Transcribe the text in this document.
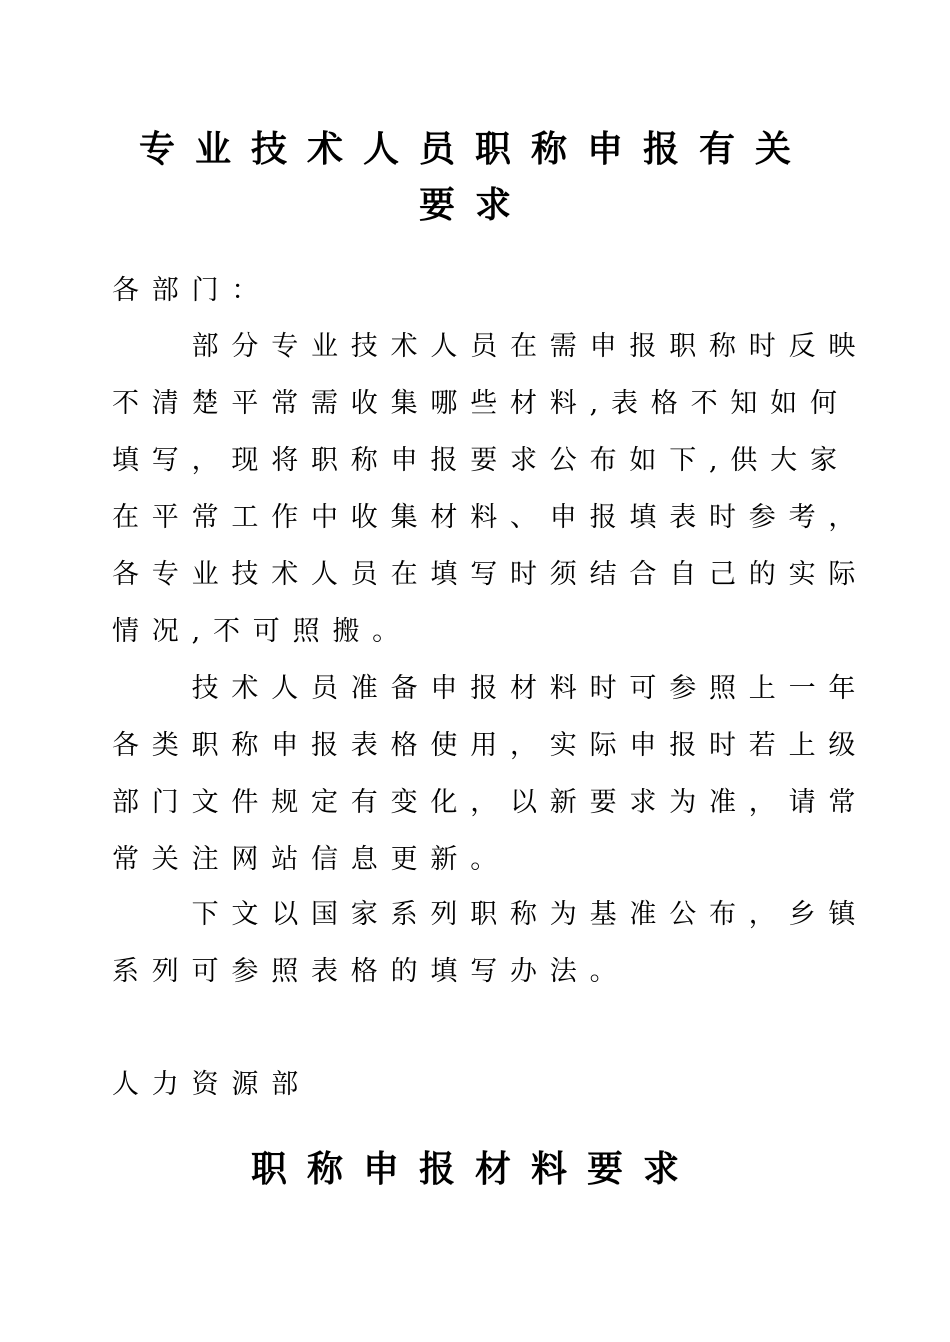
专业技术人员职称申报有关
要求

各部门：

　　部分专业技术人员在需申报职称时反映
不清楚平常需收集哪些材料,表格不知如何
填写，现将职称申报要求公布如下,供大家
在平常工作中收集材料、申报填表时参考，
各专业技术人员在填写时须结合自己的实际
情况,不可照搬。
　　技术人员准备申报材料时可参照上一年
各类职称申报表格使用，实际申报时若上级
部门文件规定有变化，以新要求为准，请常
常关注网站信息更新。
　　下文以国家系列职称为基准公布，乡镇
系列可参照表格的填写办法。

人力资源部

职称申报材料要求
